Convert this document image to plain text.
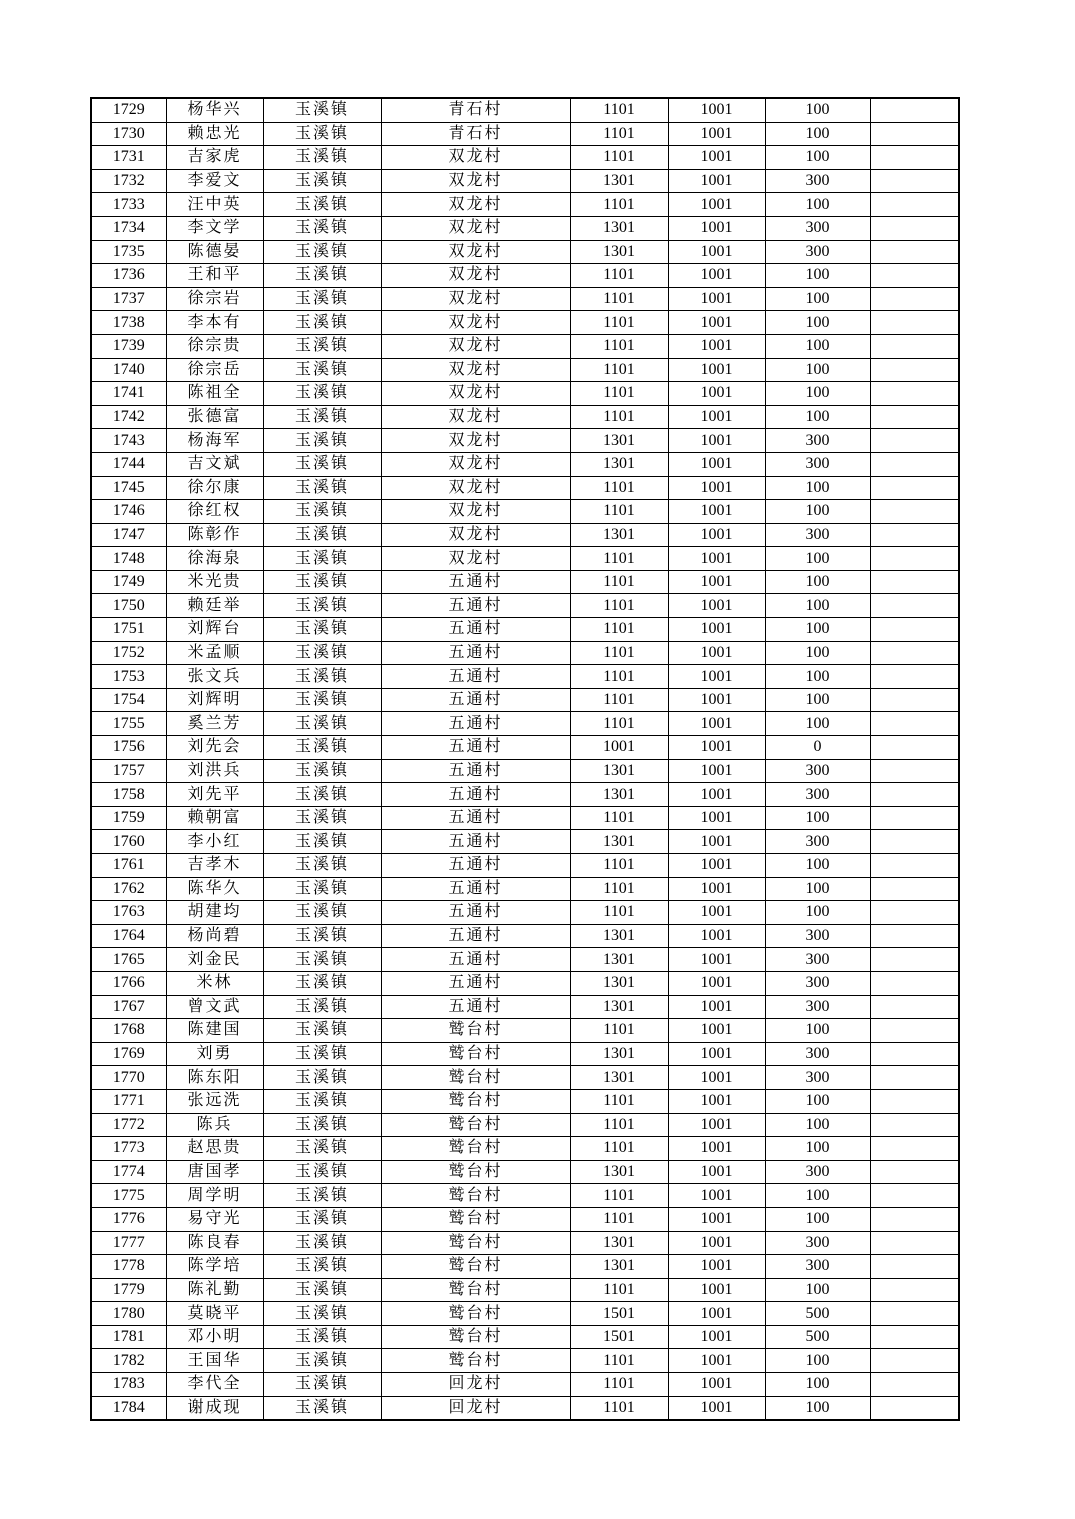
1729	杨华兴	玉溪镇	青石村	1101	1001	100	
1730	赖忠光	玉溪镇	青石村	1101	1001	100	
1731	吉家虎	玉溪镇	双龙村	1101	1001	100	
1732	李爱文	玉溪镇	双龙村	1301	1001	300	
1733	汪中英	玉溪镇	双龙村	1101	1001	100	
1734	李文学	玉溪镇	双龙村	1301	1001	300	
1735	陈德晏	玉溪镇	双龙村	1301	1001	300	
1736	王和平	玉溪镇	双龙村	1101	1001	100	
1737	徐宗岩	玉溪镇	双龙村	1101	1001	100	
1738	李本有	玉溪镇	双龙村	1101	1001	100	
1739	徐宗贵	玉溪镇	双龙村	1101	1001	100	
1740	徐宗岳	玉溪镇	双龙村	1101	1001	100	
1741	陈祖全	玉溪镇	双龙村	1101	1001	100	
1742	张德富	玉溪镇	双龙村	1101	1001	100	
1743	杨海军	玉溪镇	双龙村	1301	1001	300	
1744	吉文斌	玉溪镇	双龙村	1301	1001	300	
1745	徐尔康	玉溪镇	双龙村	1101	1001	100	
1746	徐红权	玉溪镇	双龙村	1101	1001	100	
1747	陈彰作	玉溪镇	双龙村	1301	1001	300	
1748	徐海泉	玉溪镇	双龙村	1101	1001	100	
1749	米光贵	玉溪镇	五通村	1101	1001	100	
1750	赖廷举	玉溪镇	五通村	1101	1001	100	
1751	刘辉台	玉溪镇	五通村	1101	1001	100	
1752	米孟顺	玉溪镇	五通村	1101	1001	100	
1753	张文兵	玉溪镇	五通村	1101	1001	100	
1754	刘辉明	玉溪镇	五通村	1101	1001	100	
1755	奚兰芳	玉溪镇	五通村	1101	1001	100	
1756	刘先会	玉溪镇	五通村	1001	1001	0	
1757	刘洪兵	玉溪镇	五通村	1301	1001	300	
1758	刘先平	玉溪镇	五通村	1301	1001	300	
1759	赖朝富	玉溪镇	五通村	1101	1001	100	
1760	李小红	玉溪镇	五通村	1301	1001	300	
1761	吉孝木	玉溪镇	五通村	1101	1001	100	
1762	陈华久	玉溪镇	五通村	1101	1001	100	
1763	胡建均	玉溪镇	五通村	1101	1001	100	
1764	杨尚碧	玉溪镇	五通村	1301	1001	300	
1765	刘金民	玉溪镇	五通村	1301	1001	300	
1766	米林	玉溪镇	五通村	1301	1001	300	
1767	曾文武	玉溪镇	五通村	1301	1001	300	
1768	陈建国	玉溪镇	鹫台村	1101	1001	100	
1769	刘勇	玉溪镇	鹫台村	1301	1001	300	
1770	陈东阳	玉溪镇	鹫台村	1301	1001	300	
1771	张远洗	玉溪镇	鹫台村	1101	1001	100	
1772	陈兵	玉溪镇	鹫台村	1101	1001	100	
1773	赵思贵	玉溪镇	鹫台村	1101	1001	100	
1774	唐国孝	玉溪镇	鹫台村	1301	1001	300	
1775	周学明	玉溪镇	鹫台村	1101	1001	100	
1776	易守光	玉溪镇	鹫台村	1101	1001	100	
1777	陈良春	玉溪镇	鹫台村	1301	1001	300	
1778	陈学培	玉溪镇	鹫台村	1301	1001	300	
1779	陈礼勤	玉溪镇	鹫台村	1101	1001	100	
1780	莫晓平	玉溪镇	鹫台村	1501	1001	500	
1781	邓小明	玉溪镇	鹫台村	1501	1001	500	
1782	王国华	玉溪镇	鹫台村	1101	1001	100	
1783	李代全	玉溪镇	回龙村	1101	1001	100	
1784	谢成现	玉溪镇	回龙村	1101	1001	100	
